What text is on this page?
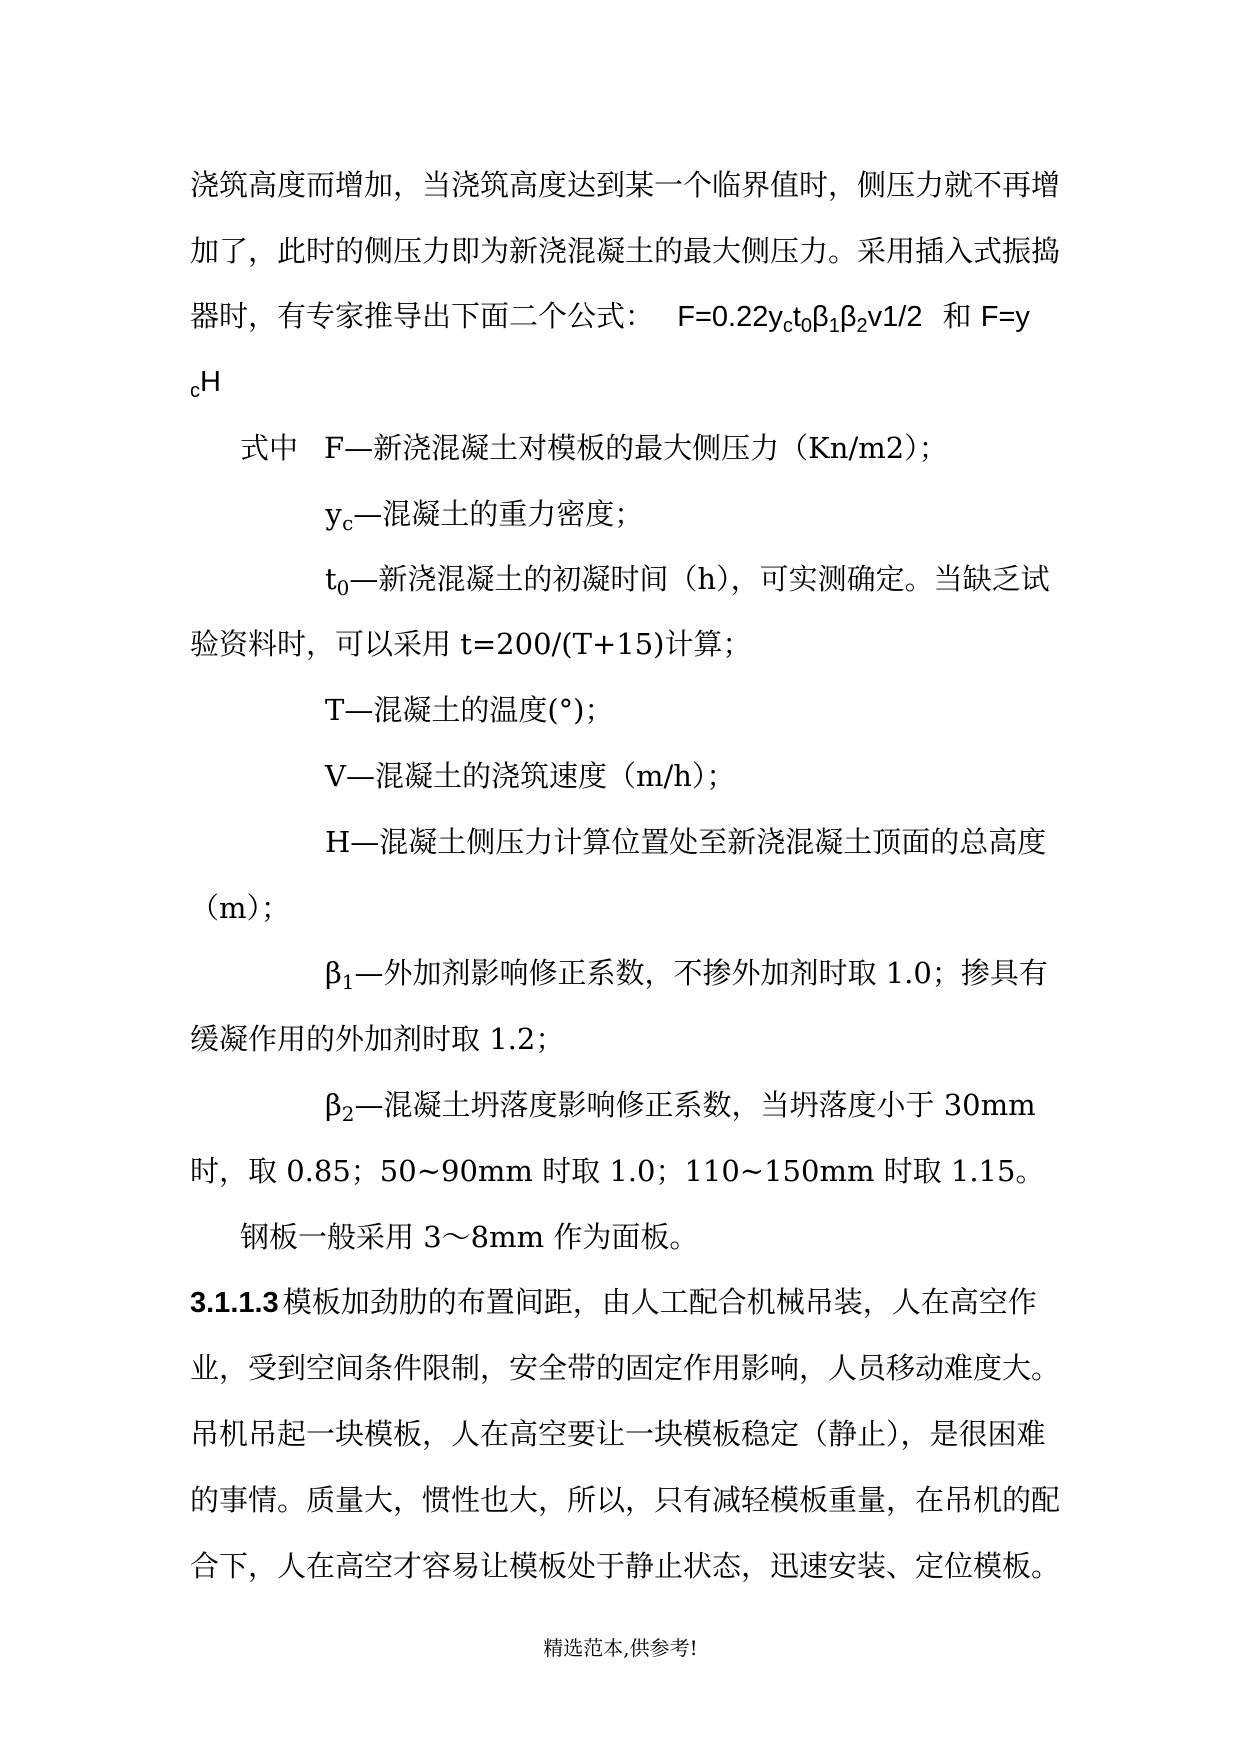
浇筑高度而增加，当浇筑高度达到某一个临界值时，侧压力就不再增
加了，此时的侧压力即为新浇混凝土的最大侧压力。采用插入式振捣
器时，有专家推导出下面二个公式： $F=0.22у_ct_0\beta_1\beta_2v1/2$ 和 F=у
$_c$H
式中 F—新浇混凝土对模板的最大侧压力（Kn/m2）；
$у_c—$混凝土的重力密度；
$t_0—$新浇混凝土的初凝时间（h），可实测确定。当缺乏试
验资料时，可以采用 t=200/(T+15)计算；
T—混凝土的温度(°)；
V—混凝土的浇筑速度（m/h）；
H—混凝土侧压力计算位置处至新浇混凝土顶面的总高度
（m）；
$\beta_1—$外加剂影响修正系数，不掺外加剂时取 1.0；掺具有
缓凝作用的外加剂时取 1.2；
$\beta_2—$混凝土坍落度影响修正系数，当坍落度小于 30mm
时，取 0.85；50~90mm 时取 1.0；110~150mm 时取 1.15。
钢板一般采用 3～8mm 作为面板。
3.1.1.3 模板加劲肋的布置间距，由人工配合机械吊装，人在高空作
业，受到空间条件限制，安全带的固定作用影响，人员移动难度大。
吊机吊起一块模板，人在高空要让一块模板稳定（静止），是很困难
的事情。质量大，惯性也大，所以，只有减轻模板重量，在吊机的配
合下，人在高空才容易让模板处于静止状态，迅速安装、定位模板。
精选范本,供参考!
